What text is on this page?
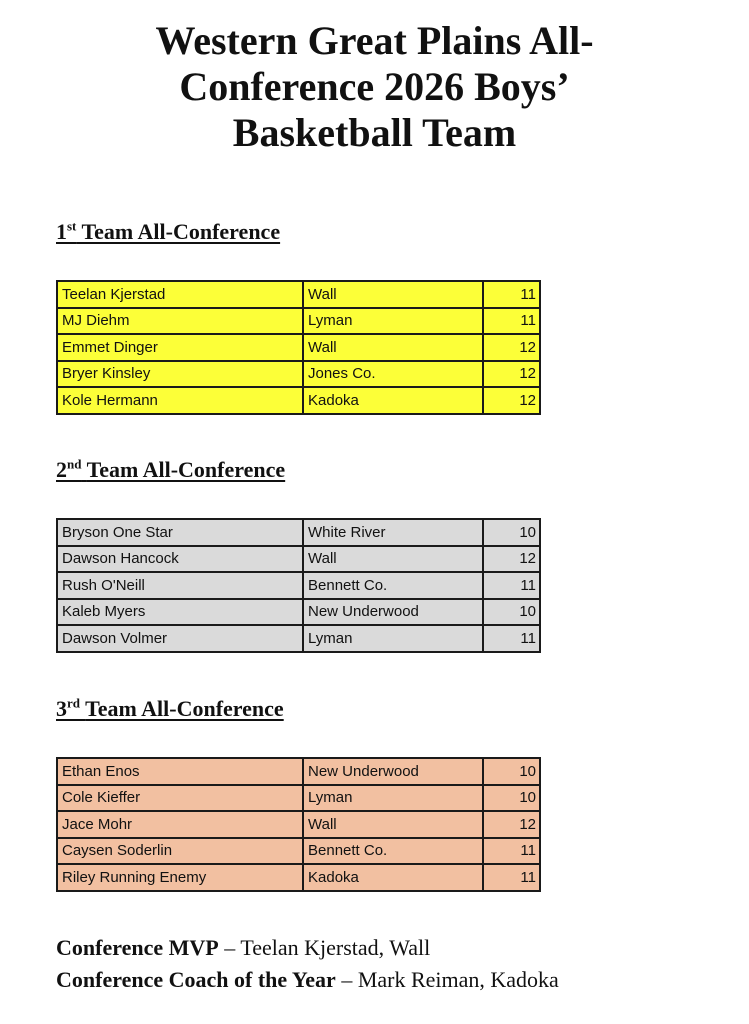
Western Great Plains All-
Conference 2026 Boys’
Basketball Team
1st Team All-Conference
Teelan Kjerstad	Wall	11
MJ Diehm	Lyman	11
Emmet Dinger	Wall	12
Bryer Kinsley	Jones Co.	12
Kole Hermann	Kadoka	12
2nd Team All-Conference
Bryson One Star	White River	10
Dawson Hancock	Wall	12
Rush O'Neill	Bennett Co.	11
Kaleb Myers	New Underwood	10
Dawson Volmer	Lyman	11
3rd Team All-Conference
Ethan Enos	New Underwood	10
Cole Kieffer	Lyman	10
Jace Mohr	Wall	12
Caysen Soderlin	Bennett Co.	11
Riley Running Enemy	Kadoka	11
Conference MVP – Teelan Kjerstad, Wall
Conference Coach of the Year – Mark Reiman, Kadoka
